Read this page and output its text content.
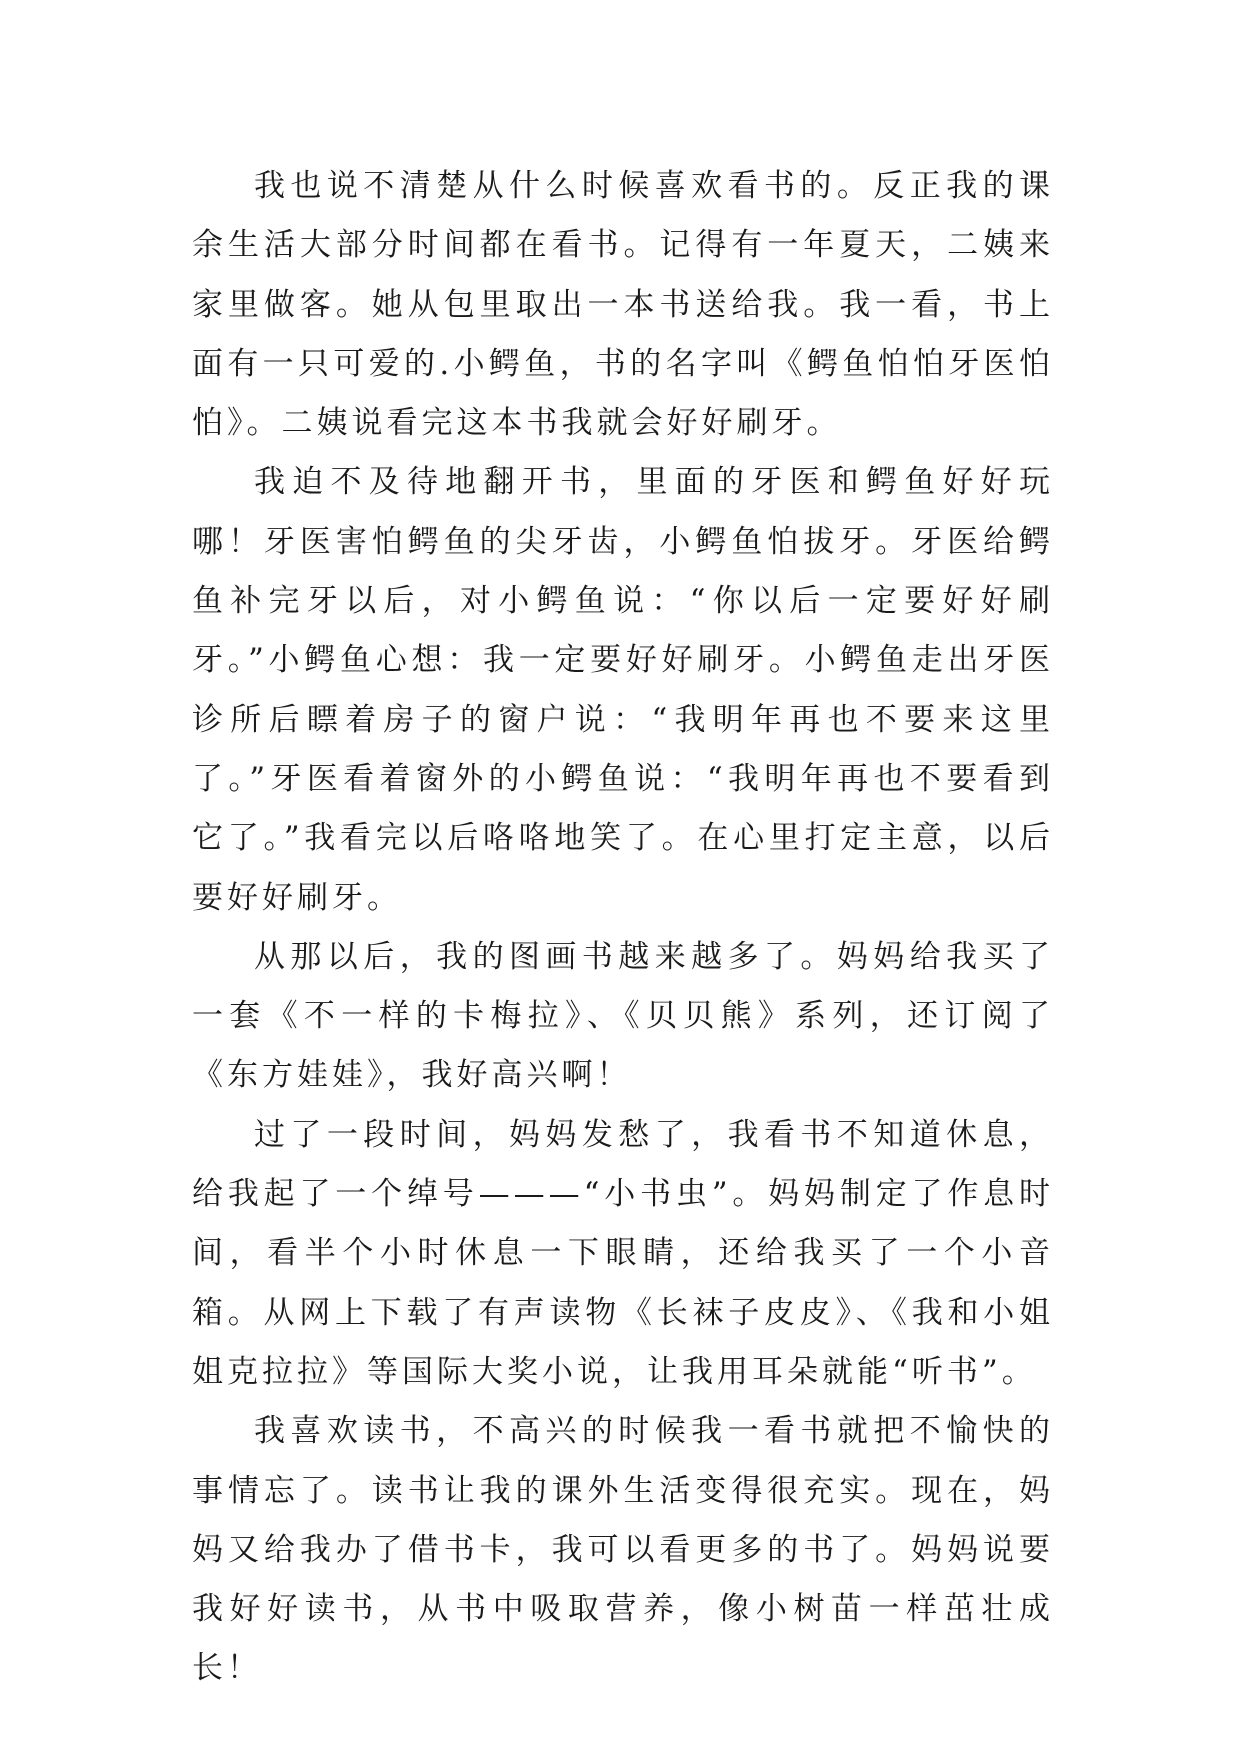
我也说不清楚从什么时候喜欢看书的。反正我的课余生活大部分时间都在看书。记得有一年夏天，二姨来家里做客。她从包里取出一本书送给我。我一看，书上面有一只可爱的.小鳄鱼，书的名字叫《鳄鱼怕怕牙医怕怕》。二姨说看完这本书我就会好好刷牙。

我迫不及待地翻开书，里面的牙医和鳄鱼好好玩哪！牙医害怕鳄鱼的尖牙齿，小鳄鱼怕拔牙。牙医给鳄鱼补完牙以后，对小鳄鱼说：“你以后一定要好好刷牙。”小鳄鱼心想：我一定要好好刷牙。小鳄鱼走出牙医诊所后瞟着房子的窗户说：“我明年再也不要来这里了。”牙医看着窗外的小鳄鱼说：“我明年再也不要看到它了。”我看完以后咯咯地笑了。在心里打定主意，以后要好好刷牙。

从那以后，我的图画书越来越多了。妈妈给我买了一套《不一样的卡梅拉》、《贝贝熊》系列，还订阅了《东方娃娃》，我好高兴啊！

过了一段时间，妈妈发愁了，我看书不知道休息，给我起了一个绰号———“小书虫”。妈妈制定了作息时间，看半个小时休息一下眼睛，还给我买了一个小音箱。从网上下载了有声读物《长袜子皮皮》、《我和小姐姐克拉拉》等国际大奖小说，让我用耳朵就能“听书”。

我喜欢读书，不高兴的时候我一看书就把不愉快的事情忘了。读书让我的课外生活变得很充实。现在，妈妈又给我办了借书卡，我可以看更多的书了。妈妈说要我好好读书，从书中吸取营养，像小树苗一样茁壮成长！
